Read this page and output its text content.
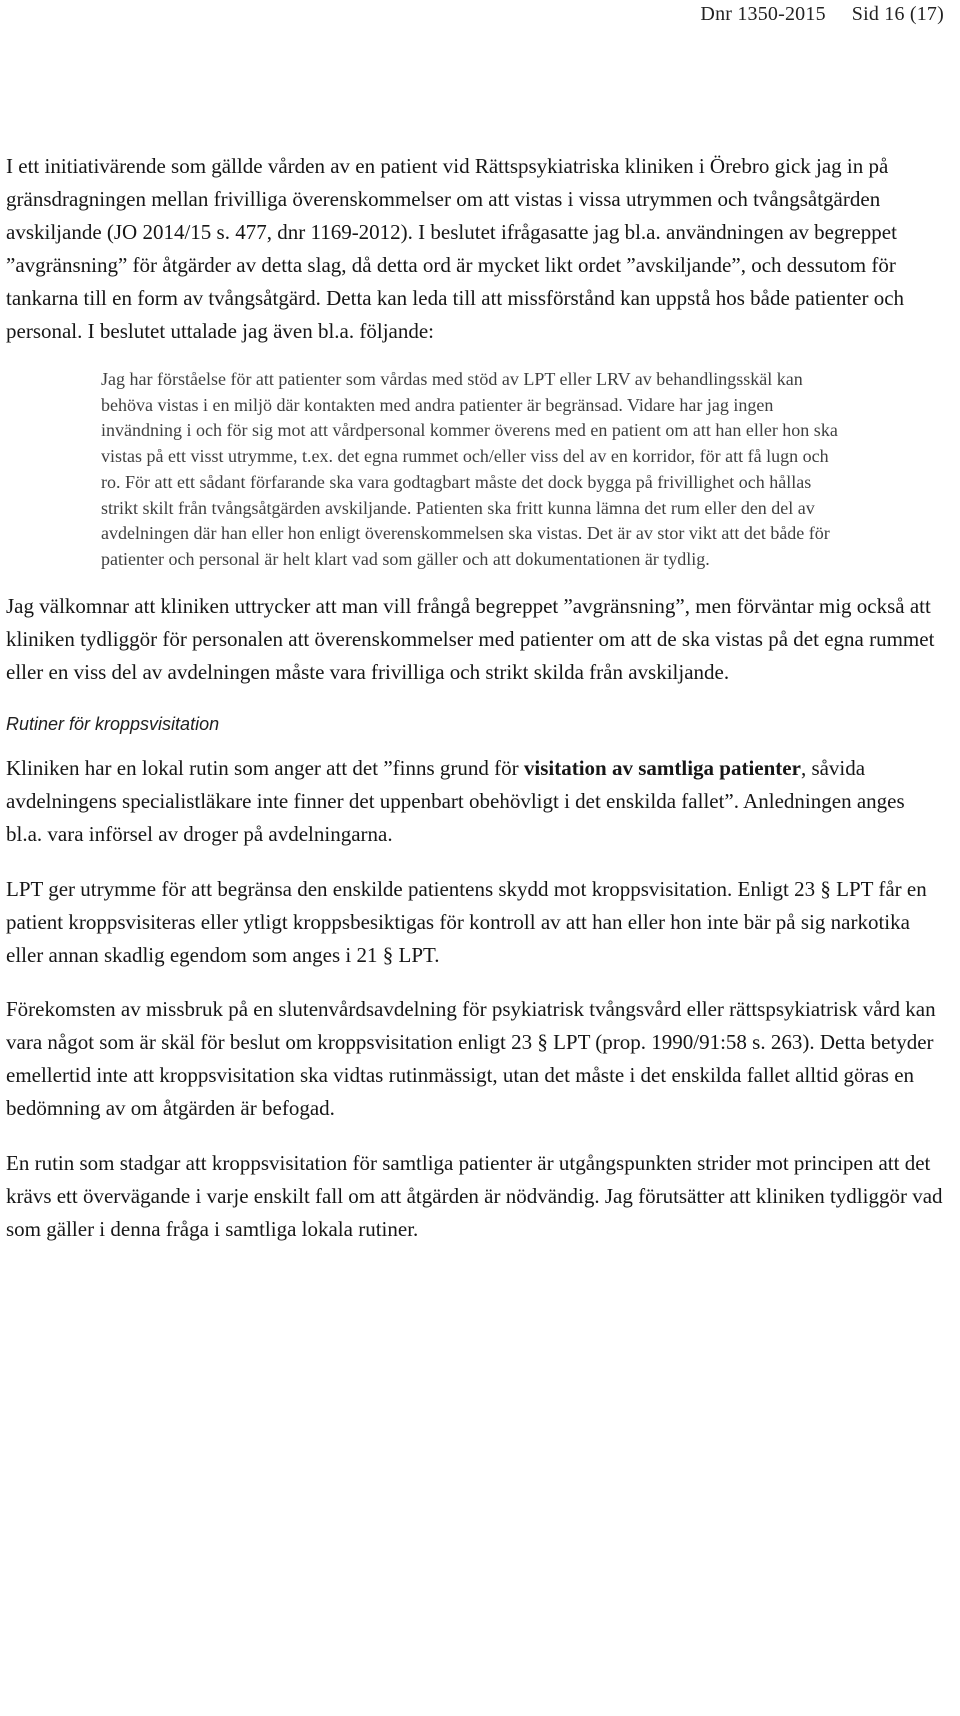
Dnr 1350-2015 Sid 16 (17)

I ett initiativärende som gällde vården av en patient vid Rättspsykiatriska kliniken i Örebro gick jag in på gränsdragningen mellan frivilliga överenskommelser om att vistas i vissa utrymmen och tvångsåtgärden avskiljande (JO 2014/15 s. 477, dnr 1169-2012). I beslutet ifrågasatte jag bl.a. användningen av begreppet ”avgränsning” för åtgärder av detta slag, då detta ord är mycket likt ordet ”avskiljande”, och dessutom för tankarna till en form av tvångsåtgärd. Detta kan leda till att missförstånd kan uppstå hos både patienter och personal. I beslutet uttalade jag även bl.a. följande:

Jag har förståelse för att patienter som vårdas med stöd av LPT eller LRV av behandlingsskäl kan behöva vistas i en miljö där kontakten med andra patienter är begränsad. Vidare har jag ingen invändning i och för sig mot att vårdpersonal kommer överens med en patient om att han eller hon ska vistas på ett visst utrymme, t.ex. det egna rummet och/eller viss del av en korridor, för att få lugn och ro. För att ett sådant förfarande ska vara godtagbart måste det dock bygga på frivillighet och hållas strikt skilt från tvångsåtgärden avskiljande. Patienten ska fritt kunna lämna det rum eller den del av avdelningen där han eller hon enligt överenskommelsen ska vistas. Det är av stor vikt att det både för patienter och personal är helt klart vad som gäller och att dokumentationen är tydlig.

Jag välkomnar att kliniken uttrycker att man vill frångå begreppet ”avgränsning”, men förväntar mig också att kliniken tydliggör för personalen att överenskommelser med patienter om att de ska vistas på det egna rummet eller en viss del av avdelningen måste vara frivilliga och strikt skilda från avskiljande.

Rutiner för kroppsvisitation

Kliniken har en lokal rutin som anger att det ”finns grund för visitation av samtliga patienter, såvida avdelningens specialistläkare inte finner det uppenbart obehövligt i det enskilda fallet”. Anledningen anges bl.a. vara införsel av droger på avdelningarna.

LPT ger utrymme för att begränsa den enskilde patientens skydd mot kroppsvisitation. Enligt 23 § LPT får en patient kroppsvisiteras eller ytligt kroppsbesiktigas för kontroll av att han eller hon inte bär på sig narkotika eller annan skadlig egendom som anges i 21 § LPT.

Förekomsten av missbruk på en slutenvårdsavdelning för psykiatrisk tvångsvård eller rättspsykiatrisk vård kan vara något som är skäl för beslut om kroppsvisitation enligt 23 § LPT (prop. 1990/91:58 s. 263). Detta betyder emellertid inte att kroppsvisitation ska vidtas rutinmässigt, utan det måste i det enskilda fallet alltid göras en bedömning av om åtgärden är befogad.

En rutin som stadgar att kroppsvisitation för samtliga patienter är utgångspunkten strider mot principen att det krävs ett övervägande i varje enskilt fall om att åtgärden är nödvändig. Jag förutsätter att kliniken tydliggör vad som gäller i denna fråga i samtliga lokala rutiner.
